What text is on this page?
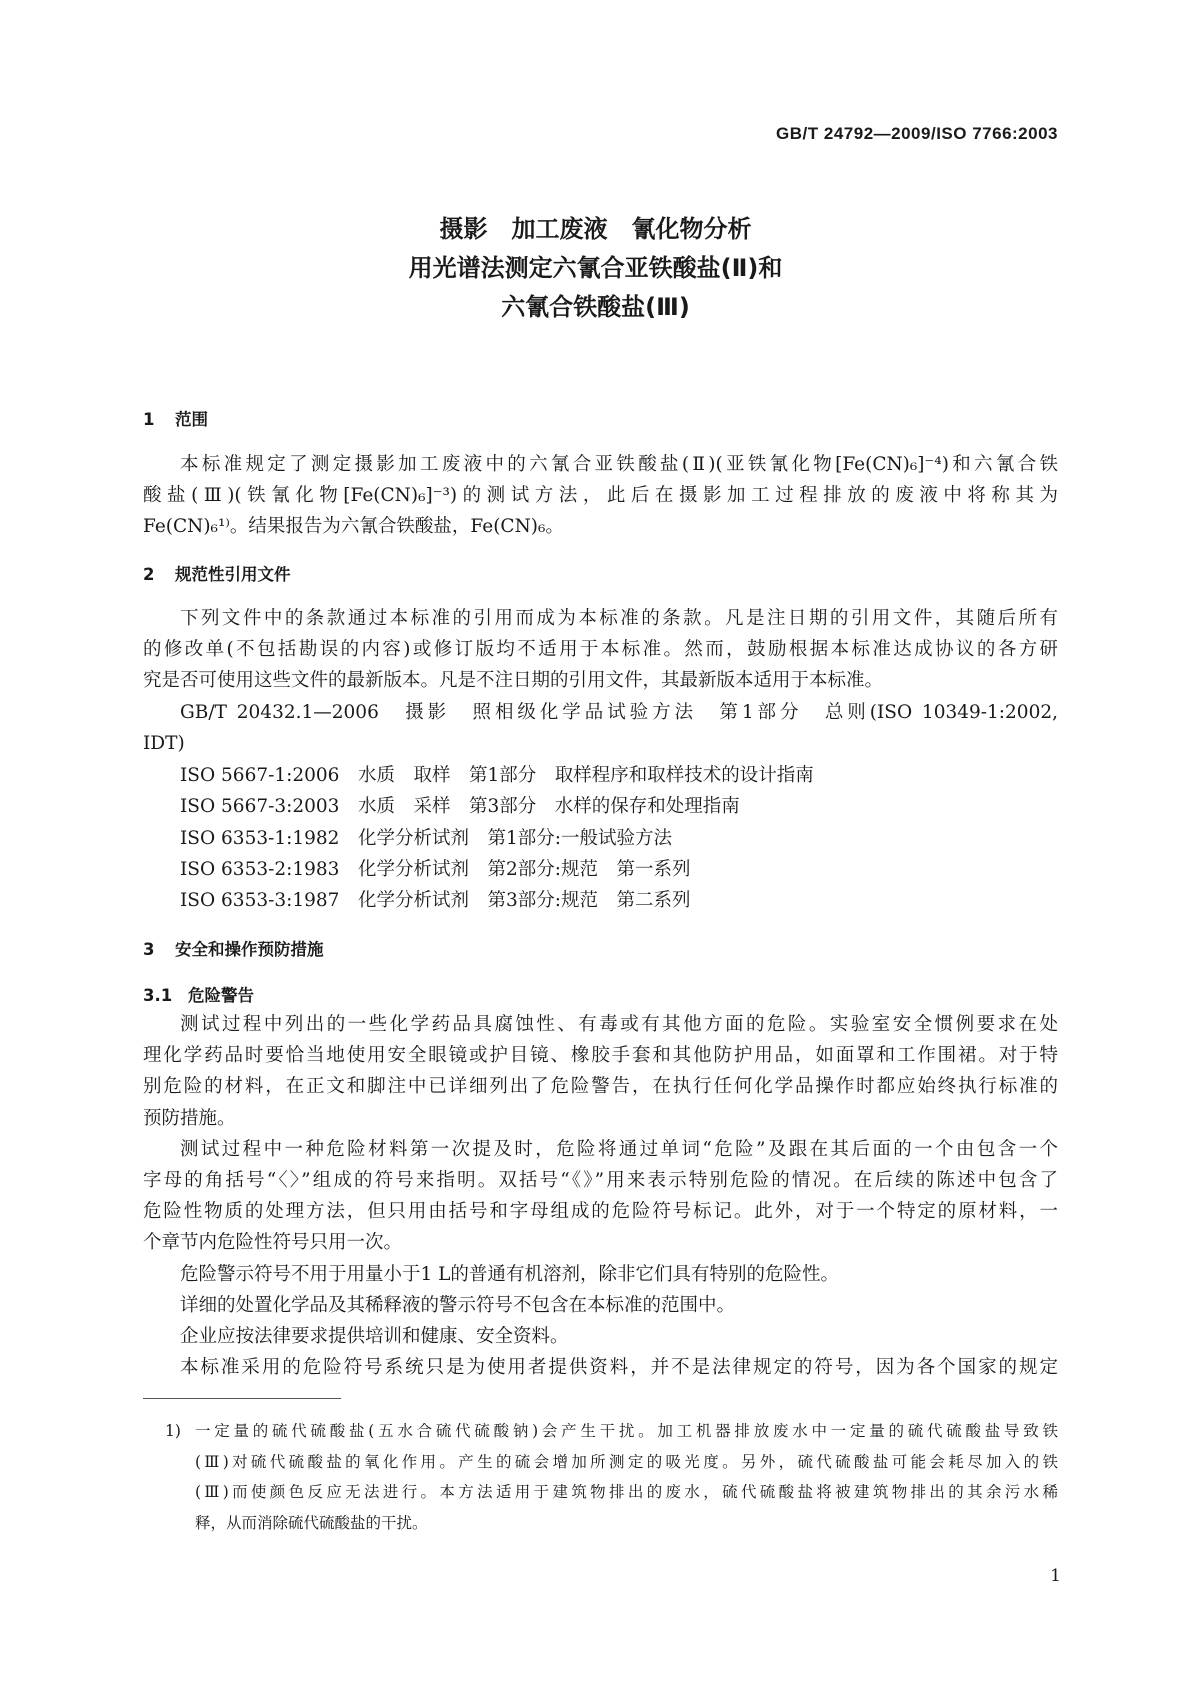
GB/T 24792—2009/ISO 7766:2003
摄影　加工废液　氰化物分析
用光谱法测定六氰合亚铁酸盐(Ⅱ)和
六氰合铁酸盐(Ⅲ)
1 范围
本标准规定了测定摄影加工废液中的六氰合亚铁酸盐(Ⅱ)(亚铁氰化物[Fe(CN)₆]⁻⁴)和六氰合铁
酸盐(Ⅲ)(铁氰化物[Fe(CN)₆]⁻³)的测试方法，此后在摄影加工过程排放的废液中将称其为
Fe(CN)₆¹⁾。结果报告为六氰合铁酸盐，Fe(CN)₆。
2 规范性引用文件
下列文件中的条款通过本标准的引用而成为本标准的条款。凡是注日期的引用文件，其随后所有
的修改单(不包括勘误的内容)或修订版均不适用于本标准。然而，鼓励根据本标准达成协议的各方研
究是否可使用这些文件的最新版本。凡是不注日期的引用文件，其最新版本适用于本标准。
GB/T 20432.1—2006　摄影　照相级化学品试验方法　第1部分　总则(ISO 10349-1:2002,
IDT)
ISO 5667-1:2006　水质　取样　第1部分　取样程序和取样技术的设计指南
ISO 5667-3:2003　水质　采样　第3部分　水样的保存和处理指南
ISO 6353-1:1982　化学分析试剂　第1部分:一般试验方法
ISO 6353-2:1983　化学分析试剂　第2部分:规范　第一系列
ISO 6353-3:1987　化学分析试剂　第3部分:规范　第二系列
3 安全和操作预防措施
3.1 危险警告
测试过程中列出的一些化学药品具腐蚀性、有毒或有其他方面的危险。实验室安全惯例要求在处
理化学药品时要恰当地使用安全眼镜或护目镜、橡胶手套和其他防护用品，如面罩和工作围裙。对于特
别危险的材料，在正文和脚注中已详细列出了危险警告，在执行任何化学品操作时都应始终执行标准的
预防措施。
测试过程中一种危险材料第一次提及时，危险将通过单词“危险”及跟在其后面的一个由包含一个
字母的角括号“〈〉”组成的符号来指明。双括号“《》”用来表示特别危险的情况。在后续的陈述中包含了
危险性物质的处理方法，但只用由括号和字母组成的危险符号标记。此外，对于一个特定的原材料，一
个章节内危险性符号只用一次。
危险警示符号不用于用量小于1 L的普通有机溶剂，除非它们具有特别的危险性。
详细的处置化学品及其稀释液的警示符号不包含在本标准的范围中。
企业应按法律要求提供培训和健康、安全资料。
本标准采用的危险符号系统只是为使用者提供资料，并不是法律规定的符号，因为各个国家的规定
1) 一定量的硫代硫酸盐(五水合硫代硫酸钠)会产生干扰。加工机器排放废水中一定量的硫代硫酸盐导致铁
(Ⅲ)对硫代硫酸盐的氧化作用。产生的硫会增加所测定的吸光度。另外，硫代硫酸盐可能会耗尽加入的铁
(Ⅲ)而使颜色反应无法进行。本方法适用于建筑物排出的废水，硫代硫酸盐将被建筑物排出的其余污水稀
释，从而消除硫代硫酸盐的干扰。
1
